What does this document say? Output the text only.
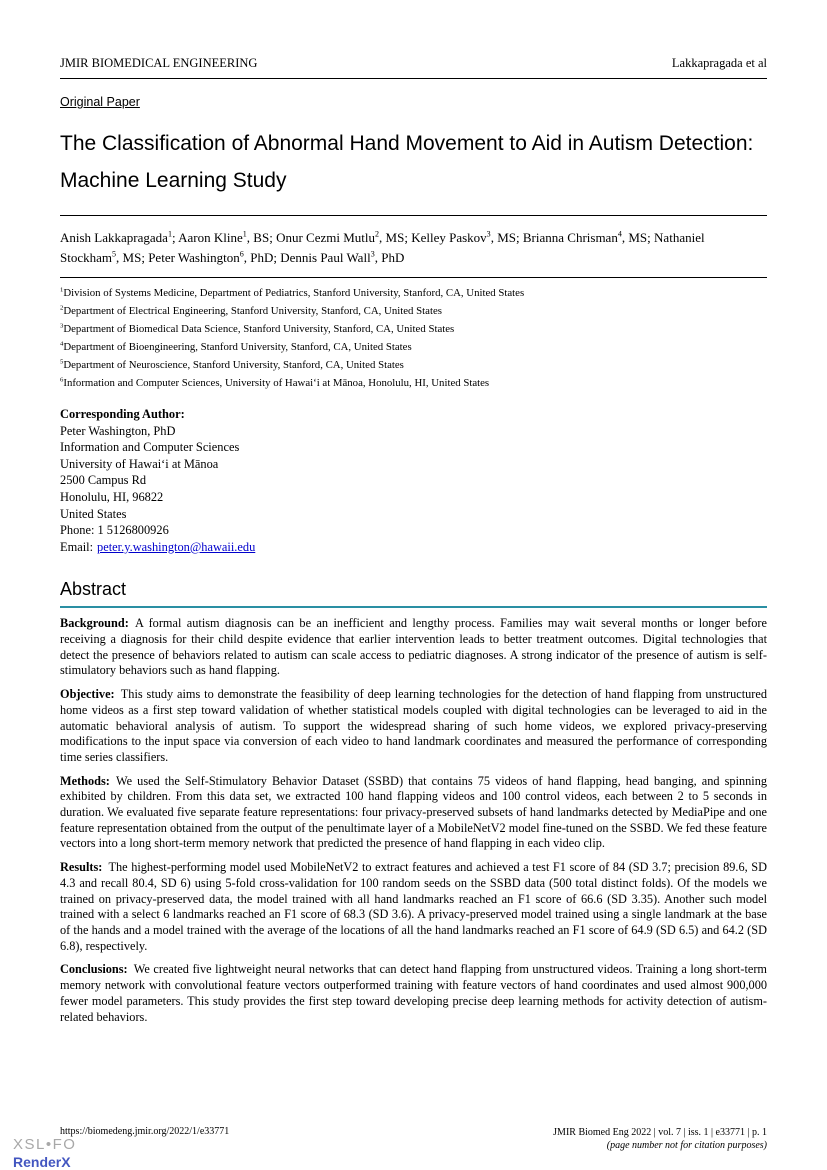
JMIR BIOMEDICAL ENGINEERING	Lakkapragada et al
Original Paper
The Classification of Abnormal Hand Movement to Aid in Autism Detection: Machine Learning Study
Anish Lakkapragada$^1$; Aaron Kline$^1$, BS; Onur Cezmi Mutlu$^2$, MS; Kelley Paskov$^3$, MS; Brianna Chrisman$^4$, MS; Nathaniel Stockham$^5$, MS; Peter Washington$^6$, PhD; Dennis Paul Wall$^3$, PhD
$^1$Division of Systems Medicine, Department of Pediatrics, Stanford University, Stanford, CA, United States
$^2$Department of Electrical Engineering, Stanford University, Stanford, CA, United States
$^3$Department of Biomedical Data Science, Stanford University, Stanford, CA, United States
$^4$Department of Bioengineering, Stanford University, Stanford, CA, United States
$^5$Department of Neuroscience, Stanford University, Stanford, CA, United States
$^6$Information and Computer Sciences, University of Hawai‘i at Mānoa, Honolulu, HI, United States
Corresponding Author:
Peter Washington, PhD
Information and Computer Sciences
University of Hawai‘i at Mānoa
2500 Campus Rd
Honolulu, HI, 96822
United States
Phone: 1 5126800926
Email: peter.y.washington@hawaii.edu
Abstract

Background: A formal autism diagnosis can be an inefficient and lengthy process. Families may wait several months or longer before receiving a diagnosis for their child despite evidence that earlier intervention leads to better treatment outcomes. Digital technologies that detect the presence of behaviors related to autism can scale access to pediatric diagnoses. A strong indicator of the presence of autism is self-stimulatory behaviors such as hand flapping.

Objective: This study aims to demonstrate the feasibility of deep learning technologies for the detection of hand flapping from unstructured home videos as a first step toward validation of whether statistical models coupled with digital technologies can be leveraged to aid in the automatic behavioral analysis of autism. To support the widespread sharing of such home videos, we explored privacy-preserving modifications to the input space via conversion of each video to hand landmark coordinates and measured the performance of corresponding time series classifiers.

Methods: We used the Self-Stimulatory Behavior Dataset (SSBD) that contains 75 videos of hand flapping, head banging, and spinning exhibited by children. From this data set, we extracted 100 hand flapping videos and 100 control videos, each between 2 to 5 seconds in duration. We evaluated five separate feature representations: four privacy-preserved subsets of hand landmarks detected by MediaPipe and one feature representation obtained from the output of the penultimate layer of a MobileNetV2 model fine-tuned on the SSBD. We fed these feature vectors into a long short-term memory network that predicted the presence of hand flapping in each video clip.

Results: The highest-performing model used MobileNetV2 to extract features and achieved a test F1 score of 84 (SD 3.7; precision 89.6, SD 4.3 and recall 80.4, SD 6) using 5-fold cross-validation for 100 random seeds on the SSBD data (500 total distinct folds). Of the models we trained on privacy-preserved data, the model trained with all hand landmarks reached an F1 score of 66.6 (SD 3.35). Another such model trained with a select 6 landmarks reached an F1 score of 68.3 (SD 3.6). A privacy-preserved model trained using a single landmark at the base of the hands and a model trained with the average of the locations of all the hand landmarks reached an F1 score of 64.9 (SD 6.5) and 64.2 (SD 6.8), respectively.

Conclusions: We created five lightweight neural networks that can detect hand flapping from unstructured videos. Training a long short-term memory network with convolutional feature vectors outperformed training with feature vectors of hand coordinates and used almost 900,000 fewer model parameters. This study provides the first step toward developing precise deep learning methods for activity detection of autism-related behaviors.

https://biomedeng.jmir.org/2022/1/e33771	JMIR Biomed Eng 2022 | vol. 7 | iss. 1 | e33771 | p. 1
(page number not for citation purposes)
XSL•FO
RenderX
